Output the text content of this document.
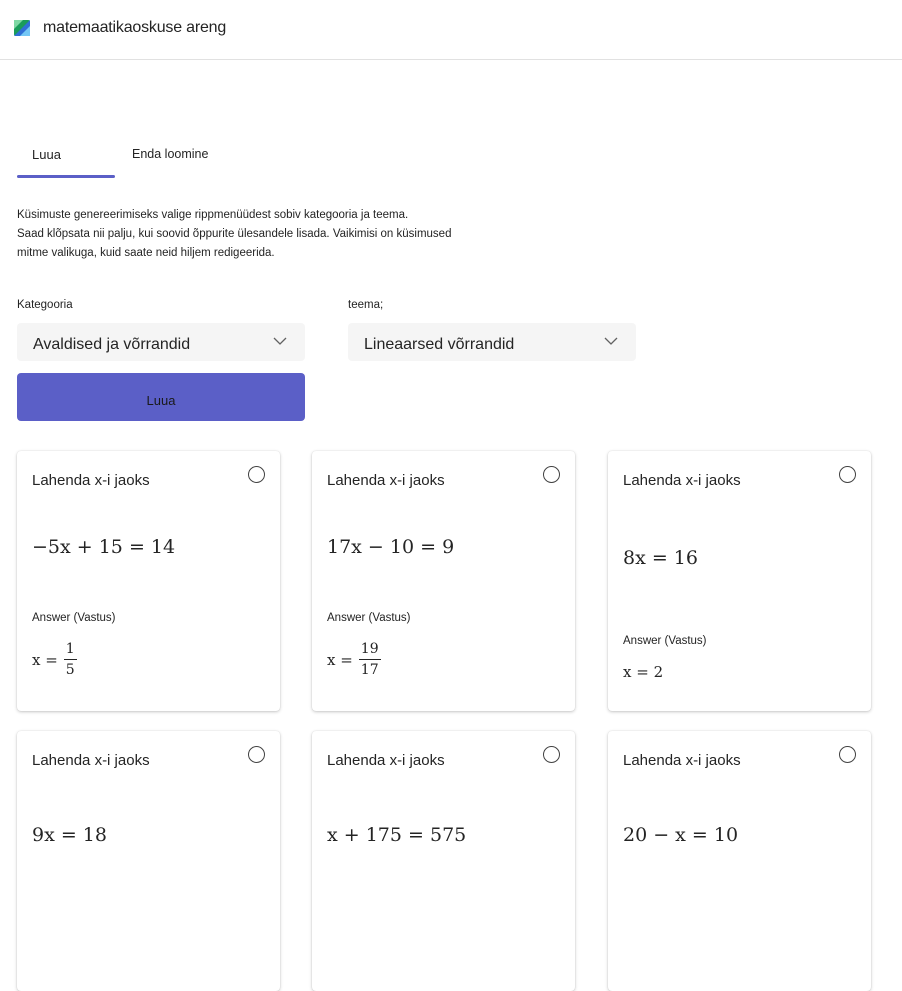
matemaatikaoskuse areng
Luua	Enda loomine
Küsimuste genereerimiseks valige rippmenüüdest sobiv kategooria ja teema.
Saad klõpsata nii palju, kui soovid õppurite ülesandele lisada. Vaikimisi on küsimused
mitme valikuga, kuid saate neid hiljem redigeerida.
Kategooria	teema;
Avaldised ja võrrandid	Lineaarsed võrrandid
Luua
Lahenda x-i jaoks
−5x + 15 = 14
Answer (Vastus)
$x = \frac{1}{5}$
Lahenda x-i jaoks
17x − 10 = 9
Answer (Vastus)
$x = \frac{19}{17}$
Lahenda x-i jaoks
8x = 16
Answer (Vastus)
x = 2
Lahenda x-i jaoks
9x = 18
Lahenda x-i jaoks
x + 175 = 575
Lahenda x-i jaoks
20 − x = 10
